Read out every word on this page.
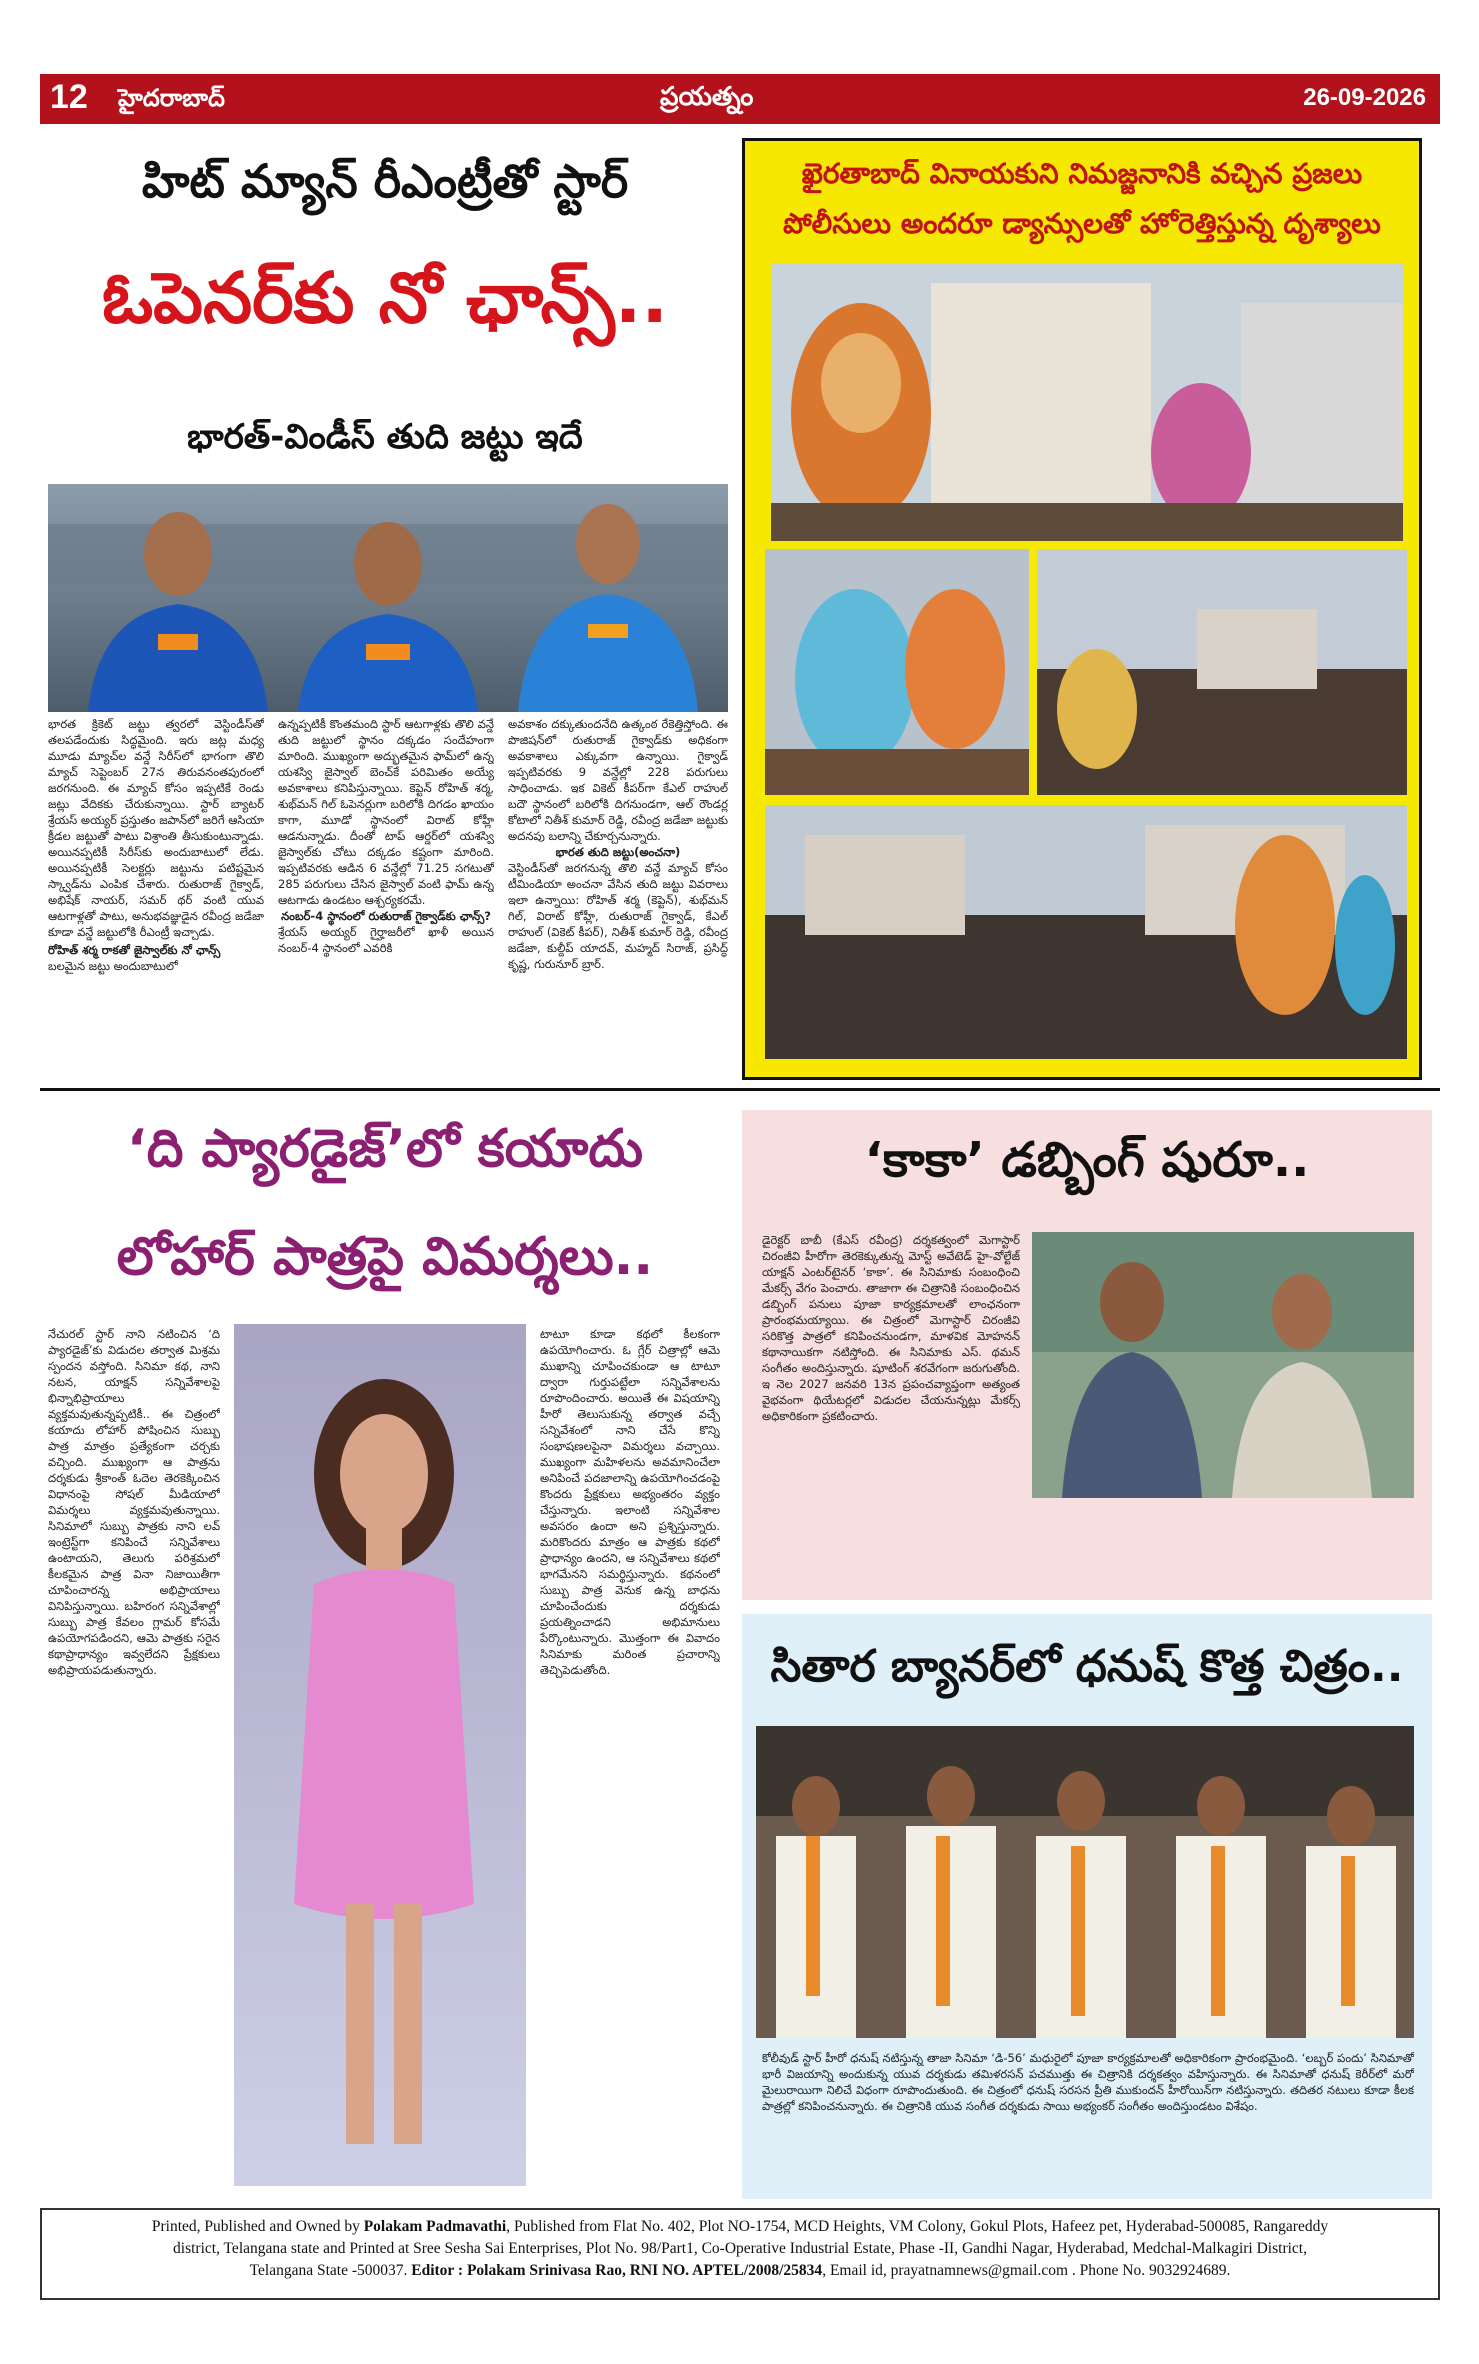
12 హైదరాబాద్	ప్రయత్నం	26-09-2026
హిట్ మ్యాన్ రీఎంట్రీతో స్టార్
ఓపెనర్‌కు నో ఛాన్స్..
భారత్-విండీస్ తుది జట్టు ఇదే
భారత క్రికెట్ జట్టు త్వరలో వెస్టిండీస్‌తో తలపడేందుకు సిద్ధమైంది. ఇరు జట్ల మధ్య మూడు మ్యాచ్‌ల వన్డే సిరీస్‌లో భాగంగా తొలి మ్యాచ్ సెప్టెంబర్ 27న తిరువనంతపురంలో జరగనుంది. ఈ మ్యాచ్ కోసం ఇప్పటికే రెండు జట్లు వేదికకు చేరుకున్నాయి. స్టార్ బ్యాటర్ శ్రేయస్ అయ్యర్ ప్రస్తుతం జపాన్‌లో జరిగే ఆసియా క్రీడల జట్టుతో పాటు విశ్రాంతి తీసుకుంటున్నాడు. అయినప్పటికీ సిరీస్‌కు అందుబాటులో లేడు. అయినప్పటికీ సెలక్టర్లు జట్టును పటిష్టమైన స్క్వాడ్‌ను ఎంపిక చేశారు. రుతురాజ్ గైక్వాడ్, అభిషేక్ నాయర్, సమర్ థర్ వంటి యువ ఆటగాళ్లతో పాటు, అనుభవజ్ఞుడైన రవీంద్ర జడేజా కూడా వన్డే జట్టులోకి రీఎంట్రీ ఇచ్చాడు.
రోహిత్ శర్మ రాకతో జైస్వాల్‌కు నో ఛాన్స్
బలమైన జట్టు అందుబాటులో
ఉన్నప్పటికీ కొంతమంది స్టార్ ఆటగాళ్లకు తొలి వన్డే తుది జట్టులో స్థానం దక్కడం సందేహంగా మారింది. ముఖ్యంగా అద్భుతమైన ఫామ్‌లో ఉన్న యశస్వి జైస్వాల్ బెంచ్‌కే పరిమితం అయ్యే అవకాశాలు కనిపిస్తున్నాయి. కెప్టెన్ రోహిత్ శర్మ, శుభ్‌మన్ గిల్ ఓపెనర్లుగా బరిలోకి దిగడం ఖాయం కాగా, మూడో స్థానంలో విరాట్ కోహ్లీ ఆడనున్నాడు. దీంతో టాప్ ఆర్డర్‌లో యశస్వి జైస్వాల్‌కు చోటు దక్కడం కష్టంగా మారింది. ఇప్పటివరకు ఆడిన 6 వన్డేల్లో 71.25 సగటుతో 285 పరుగులు చేసిన జైస్వాల్ వంటి ఫామ్ ఉన్న ఆటగాడు ఉండటం ఆశ్చర్యకరమే.
నంబర్-4 స్థానంలో రుతురాజ్ గైక్వాడ్‌కు ఛాన్స్?
శ్రేయస్ అయ్యర్ గైర్హాజరీలో ఖాళీ అయిన నంబర్-4 స్థానంలో ఎవరికి
అవకాశం దక్కుతుందనేది ఉత్కంఠ రేకెత్తిస్తోంది. ఈ పొజిషన్‌లో రుతురాజ్ గైక్వాడ్‌కు అధికంగా అవకాశాలు ఎక్కువగా ఉన్నాయి. గైక్వాడ్ ఇప్పటివరకు 9 వన్డేల్లో 228 పరుగులు సాధించాడు. ఇక వికెట్ కీపర్‌గా కేఎల్ రాహుల్ బదౌ స్థానంలో బరిలోకి దిగనుండగా, ఆల్ రౌండర్ల కోటాలో నితీశ్ కుమార్ రెడ్డి, రవీంద్ర జడేజా జట్టుకు అదనపు బలాన్ని చేకూర్చనున్నారు.
భారత తుది జట్టు(అంచనా)
వెస్టిండీస్‌తో జరగనున్న తొలి వన్డే మ్యాచ్ కోసం టీమిండియా అంచనా వేసిన తుది జట్టు వివరాలు ఇలా ఉన్నాయి: రోహిత్ శర్మ (కెప్టెన్), శుభ్‌మన్ గిల్, విరాట్ కోహ్లీ, రుతురాజ్ గైక్వాడ్, కేఎల్ రాహుల్ (వికెట్ కీపర్), నితీశ్ కుమార్ రెడ్డి, రవీంద్ర జడేజా, కుల్దీప్ యాదవ్, మహ్మద్ సిరాజ్, ప్రసిద్ధ్ కృష్ణ, గురునూర్ బ్రార్.
ఖైరతాబాద్ వినాయకుని నిమజ్జనానికి వచ్చిన ప్రజలు
పోలీసులు అందరూ డ్యాన్సులతో హోరెత్తిస్తున్న దృశ్యాలు
‘ది ప్యారడైజ్’లో కయాదు
లోహార్ పాత్రపై విమర్శలు..
నేచురల్ స్టార్ నాని నటించిన ‘ది ప్యారడైజ్’కు విడుదల తర్వాత మిశ్రమ స్పందన వస్తోంది. సినిమా కథ, నాని నటన, యాక్షన్ సన్నివేశాలపై భిన్నాభిప్రాయాలు వ్యక్తమవుతున్నప్పటికీ.. ఈ చిత్రంలో కయాదు లోహార్ పోషించిన సుబ్బు పాత్ర మాత్రం ప్రత్యేకంగా చర్చకు వచ్చింది. ముఖ్యంగా ఆ పాత్రను దర్శకుడు శ్రీకాంత్ ఓదెల తెరకెక్కించిన విధానంపై సోషల్ మీడియాలో విమర్శలు వ్యక్తమవుతున్నాయి. సినిమాలో సుబ్బు పాత్రకు నాని లవ్ ఇంట్రెస్ట్‌గా కనిపించే సన్నివేశాలు ఉంటాయని, తెలుగు పరిశ్రమలో కీలకమైన పాత్ర వినా నిజాయితీగా చూపించారన్న అభిప్రాయాలు వినిపిస్తున్నాయి. బహిరంగ సన్నివేశాల్లో సుబ్బు పాత్ర కేవలం గ్లామర్ కోసమే ఉపయోగపడిందని, ఆమె పాత్రకు సరైన కథాప్రాధాన్యం ఇవ్వలేదని ప్రేక్షకులు అభిప్రాయపడుతున్నారు.
టాటూ కూడా కథలో కీలకంగా ఉపయోగించారు. ఓ గ్లేర్ చిత్రాల్లో ఆమె ముఖాన్ని చూపించకుండా ఆ టాటూ ద్వారా గుర్తుపట్టేలా సన్నివేశాలను రూపొందించారు. అయితే ఈ విషయాన్ని హీరో తెలుసుకున్న తర్వాత వచ్చే సన్నివేశంలో నాని చేసే కొన్ని సంభాషణలపైనా విమర్శలు వచ్చాయి. ముఖ్యంగా మహిళలను అవమానించేలా అనిపించే పదజాలాన్ని ఉపయోగించడంపై కొందరు ప్రేక్షకులు అభ్యంతరం వ్యక్తం చేస్తున్నారు. ఇలాంటి సన్నివేశాల అవసరం ఉందా అని ప్రశ్నిస్తున్నారు. మరికొందరు మాత్రం ఆ పాత్రకు కథలో ప్రాధాన్యం ఉందని, ఆ సన్నివేశాలు కథలో భాగమేనని సమర్థిస్తున్నారు. కథనంలో సుబ్బు పాత్ర వెనుక ఉన్న బాధను చూపించేందుకు దర్శకుడు ప్రయత్నించాడని అభిమానులు పేర్కొంటున్నారు. మొత్తంగా ఈ వివాదం సినిమాకు మరింత ప్రచారాన్ని తెచ్చిపెడుతోంది.
‘కాకా’ డబ్బింగ్ షురూ..
డైరెక్టర్ బాబీ (కేఎస్ రవీంద్ర) దర్శకత్వంలో మెగాస్టార్ చిరంజీవి హీరోగా తెరకెక్కుతున్న మోస్ట్ అవేటెడ్ హై-వోల్టేజ్ యాక్షన్ ఎంటర్‌టైనర్ ‘కాకా’. ఈ సినిమాకు సంబంధించి మేకర్స్ వేగం పెంచారు. తాజాగా ఈ చిత్రానికి సంబంధించిన డబ్బింగ్ పనులు పూజా కార్యక్రమాలతో లాంఛనంగా ప్రారంభమయ్యాయి. ఈ చిత్రంలో మెగాస్టార్ చిరంజీవి సరికొత్త పాత్రలో కనిపించనుండగా, మాళవిక మోహనన్ కథానాయికగా నటిస్తోంది. ఈ సినిమాకు ఎస్. థమన్ సంగీతం అందిస్తున్నారు. షూటింగ్ శరవేగంగా జరుగుతోంది. ఇ నెల 2027 జనవరి 13న ప్రపంచవ్యాప్తంగా అత్యంత వైభవంగా థియేటర్లలో విడుదల చేయనున్నట్లు మేకర్స్ అధికారికంగా ప్రకటించారు.
సితార బ్యానర్‌లో ధనుష్ కొత్త చిత్రం..
కోలీవుడ్ స్టార్ హీరో ధనుష్ నటిస్తున్న తాజా సినిమా ‘డి-56’ మధురైలో పూజా కార్యక్రమాలతో అధికారికంగా ప్రారంభమైంది. ‘లబ్బర్ పందు’ సినిమాతో భారీ విజయాన్ని అందుకున్న యువ దర్శకుడు తమిళరసన్ పచముత్తు ఈ చిత్రానికి దర్శకత్వం వహిస్తున్నారు. ఈ సినిమాతో ధనుష్ కెరీర్‌లో మరో మైలురాయిగా నిలిచే విధంగా రూపొందుతుంది. ఈ చిత్రంలో ధనుష్ సరసన ప్రీతి ముకుందన్ హీరోయిన్‌గా నటిస్తున్నారు. తదితర నటులు కూడా కీలక పాత్రల్లో కనిపించనున్నారు. ఈ చిత్రానికి యువ సంగీత దర్శకుడు సాయి అభ్యంకర్ సంగీతం అందిస్తుండటం విశేషం.
Printed, Published and Owned by Polakam Padmavathi, Published from Flat No. 402, Plot NO-1754, MCD Heights, VM Colony, Gokul Plots, Hafeez pet, Hyderabad-500085, Rangareddy
district, Telangana state and Printed at Sree Sesha Sai Enterprises, Plot No. 98/Part1, Co-Operative Industrial Estate, Phase -II, Gandhi Nagar, Hyderabad, Medchal-Malkagiri District,
Telangana State -500037. Editor : Polakam Srinivasa Rao, RNI NO. APTEL/2008/25834, Email id, prayatnamnews@gmail.com . Phone No. 9032924689.
